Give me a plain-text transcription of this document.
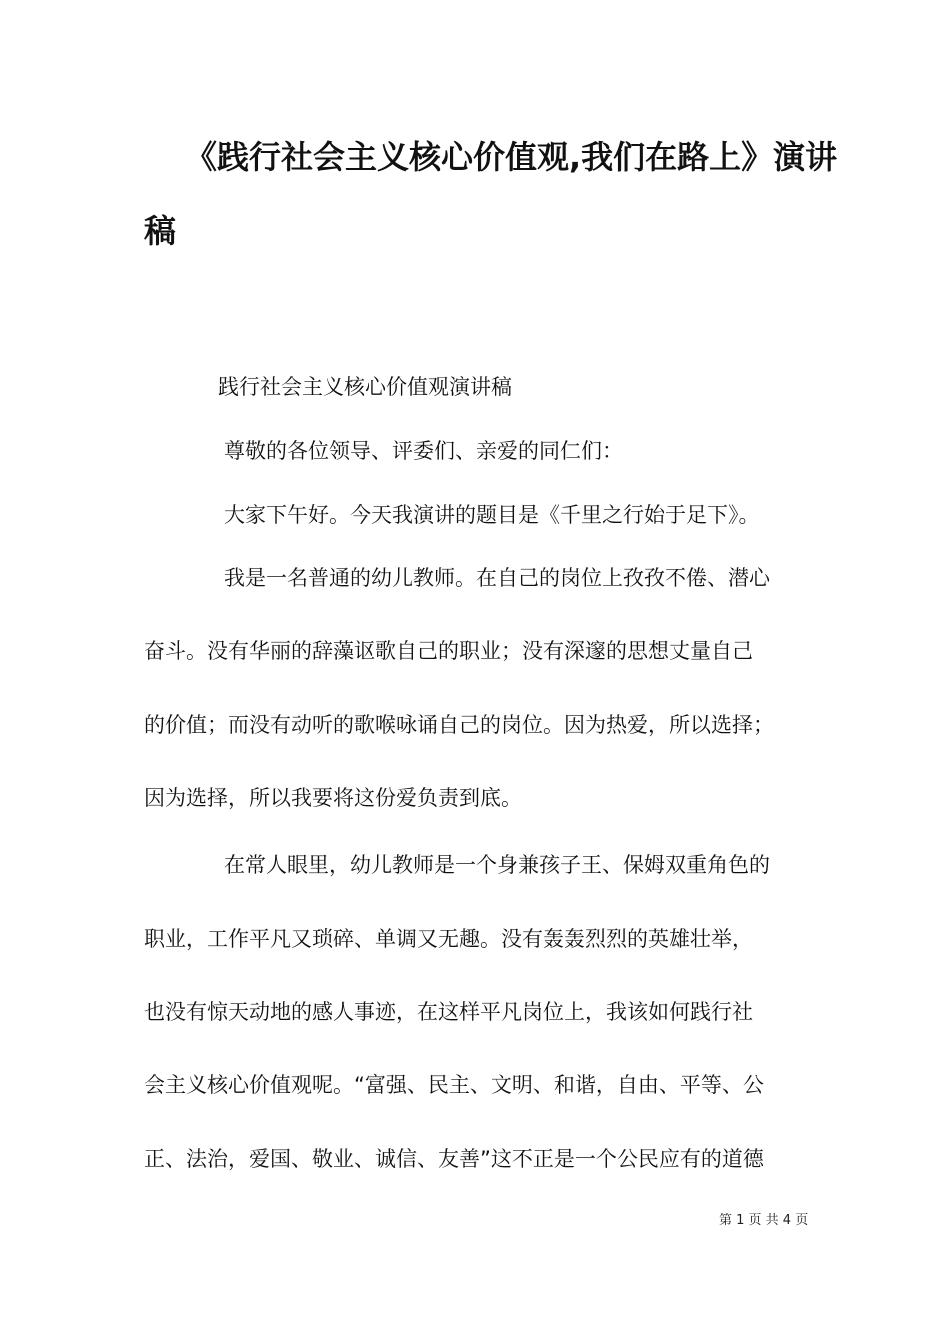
《践行社会主义核心价值观,我们在路上》演讲
稿
践行社会主义核心价值观演讲稿
尊敬的各位领导、评委们、亲爱的同仁们：
大家下午好。今天我演讲的题目是《千里之行始于足下》。
我是一名普通的幼儿教师。在自己的岗位上孜孜不倦、潜心
奋斗。没有华丽的辞藻讴歌自己的职业；没有深邃的思想丈量自己
的价值；而没有动听的歌喉咏诵自己的岗位。因为热爱，所以选择；
因为选择，所以我要将这份爱负责到底。
在常人眼里，幼儿教师是一个身兼孩子王、保姆双重角色的
职业，工作平凡又琐碎、单调又无趣。没有轰轰烈烈的英雄壮举，
也没有惊天动地的感人事迹，在这样平凡岗位上，我该如何践行社
会主义核心价值观呢。“富强、民主、文明、和谐，自由、平等、公
正、法治，爱国、敬业、诚信、友善”这不正是一个公民应有的道德
第 1 页 共 4 页
